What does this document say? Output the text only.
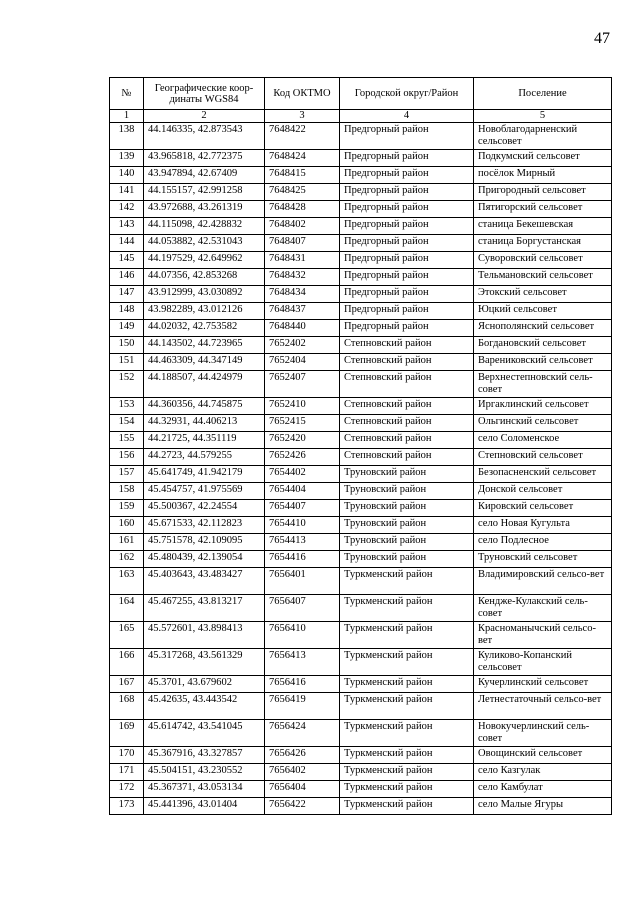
47
№	Географические коор-динаты WGS84	Код ОКТМО	Городской округ/Район	Поселение
1	2	3	4	5
138	44.146335, 42.873543	7648422	Предгорный район	Новоблагодарненский сельсовет
139	43.965818, 42.772375	7648424	Предгорный район	Подкумский сельсовет
140	43.947894, 42.67409	7648415	Предгорный район	посёлок Мирный
141	44.155157, 42.991258	7648425	Предгорный район	Пригородный сельсовет
142	43.972688, 43.261319	7648428	Предгорный район	Пятигорский сельсовет
143	44.115098, 42.428832	7648402	Предгорный район	станица Бекешевская
144	44.053882, 42.531043	7648407	Предгорный район	станица Боргустанская
145	44.197529, 42.649962	7648431	Предгорный район	Суворовский сельсовет
146	44.07356, 42.853268	7648432	Предгорный район	Тельмановский сельсовет
147	43.912999, 43.030892	7648434	Предгорный район	Этокский сельсовет
148	43.982289, 43.012126	7648437	Предгорный район	Юцкий сельсовет
149	44.02032, 42.753582	7648440	Предгорный район	Яснополянский сельсовет
150	44.143502, 44.723965	7652402	Степновский район	Богдановский сельсовет
151	44.463309, 44.347149	7652404	Степновский район	Варениковский сельсовет
152	44.188507, 44.424979	7652407	Степновский район	Верхнестепновский сель-совет
153	44.360356, 44.745875	7652410	Степновский район	Иргаклинский сельсовет
154	44.32931, 44.406213	7652415	Степновский район	Ольгинский сельсовет
155	44.21725, 44.351119	7652420	Степновский район	село Соломенское
156	44.2723, 44.579255	7652426	Степновский район	Степновский сельсовет
157	45.641749, 41.942179	7654402	Труновский район	Безопасненский сельсовет
158	45.454757, 41.975569	7654404	Труновский район	Донской сельсовет
159	45.500367, 42.24554	7654407	Труновский район	Кировский сельсовет
160	45.671533, 42.112823	7654410	Труновский район	село Новая Кугульта
161	45.751578, 42.109095	7654413	Труновский район	село Подлесное
162	45.480439, 42.139054	7654416	Труновский район	Труновский сельсовет
163	45.403643, 43.483427	7656401	Туркменский район	Владимировский сельсо-вет
164	45.467255, 43.813217	7656407	Туркменский район	Кендже-Кулакский сель-совет
165	45.572601, 43.898413	7656410	Туркменский район	Красноманычский сельсо-вет
166	45.317268, 43.561329	7656413	Туркменский район	Куликово-Копанский сельсовет
167	45.3701, 43.679602	7656416	Туркменский район	Кучерлинский сельсовет
168	45.42635, 43.443542	7656419	Туркменский район	Летнестаточный сельсо-вет
169	45.614742, 43.541045	7656424	Туркменский район	Новокучерлинский сель-совет
170	45.367916, 43.327857	7656426	Туркменский район	Овощинский сельсовет
171	45.504151, 43.230552	7656402	Туркменский район	село Казгулак
172	45.367371, 43.053134	7656404	Туркменский район	село Камбулат
173	45.441396, 43.01404	7656422	Туркменский район	село Малые Ягуры
